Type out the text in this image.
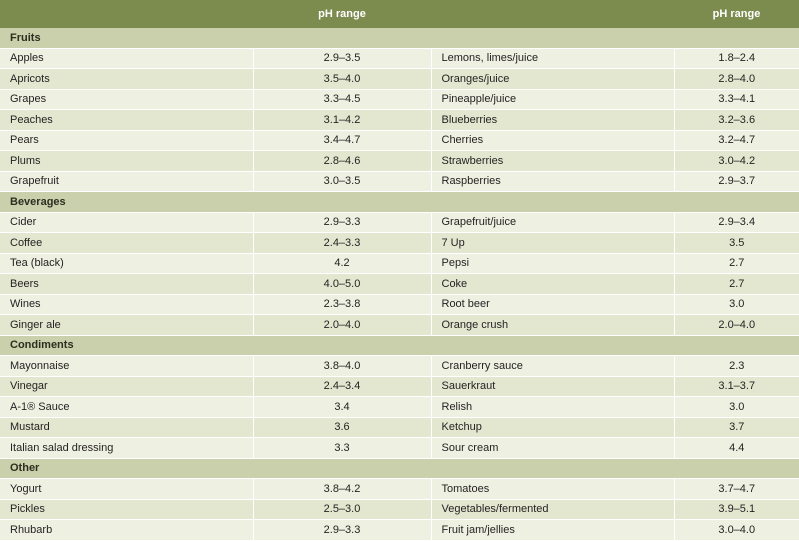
	pH range		pH range
Fruits			
Apples	2.9–3.5	Lemons, limes/juice	1.8–2.4
Apricots	3.5–4.0	Oranges/juice	2.8–4.0
Grapes	3.3–4.5	Pineapple/juice	3.3–4.1
Peaches	3.1–4.2	Blueberries	3.2–3.6
Pears	3.4–4.7	Cherries	3.2–4.7
Plums	2.8–4.6	Strawberries	3.0–4.2
Grapefruit	3.0–3.5	Raspberries	2.9–3.7
Beverages			
Cider	2.9–3.3	Grapefruit/juice	2.9–3.4
Coffee	2.4–3.3	7 Up	3.5
Tea (black)	4.2	Pepsi	2.7
Beers	4.0–5.0	Coke	2.7
Wines	2.3–3.8	Root beer	3.0
Ginger ale	2.0–4.0	Orange crush	2.0–4.0
Condiments			
Mayonnaise	3.8–4.0	Cranberry sauce	2.3
Vinegar	2.4–3.4	Sauerkraut	3.1–3.7
A-1® Sauce	3.4	Relish	3.0
Mustard	3.6	Ketchup	3.7
Italian salad dressing	3.3	Sour cream	4.4
Other			
Yogurt	3.8–4.2	Tomatoes	3.7–4.7
Pickles	2.5–3.0	Vegetables/fermented	3.9–5.1
Rhubarb	2.9–3.3	Fruit jam/jellies	3.0–4.0
